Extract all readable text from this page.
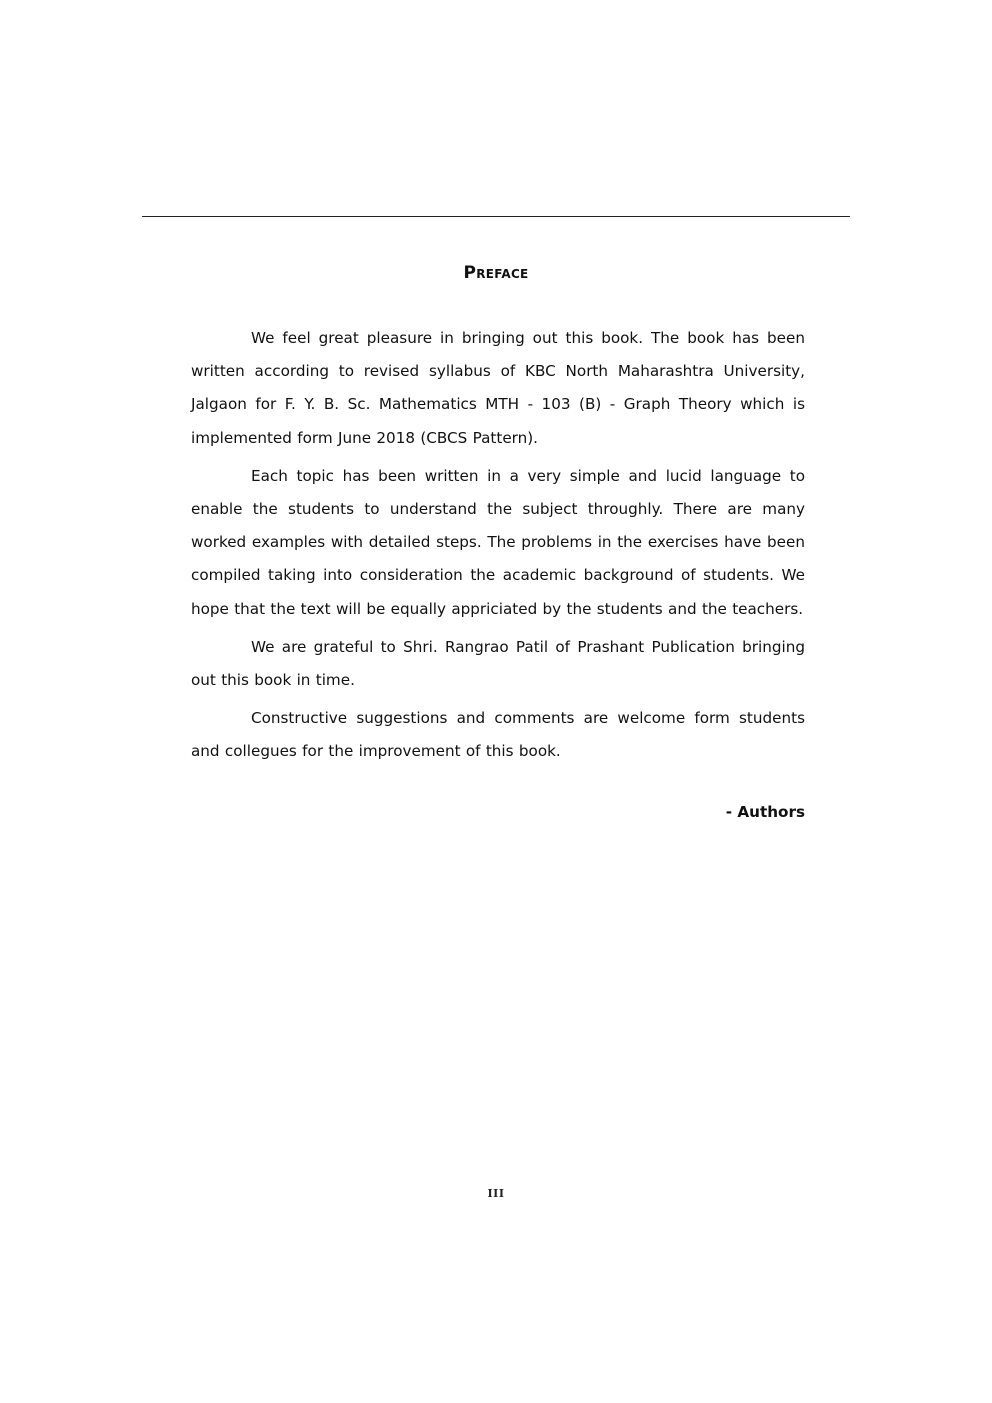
Preface

We feel great pleasure in bringing out this book. The book has been written according to revised syllabus of KBC North Maharashtra University, Jalgaon for F. Y. B. Sc. Mathematics MTH - 103 (B) - Graph Theory which is implemented form June 2018 (CBCS Pattern).

Each topic has been written in a very simple and lucid language to enable the students to understand the subject throughly. There are many worked examples with detailed steps. The problems in the exercises have been compiled taking into consideration the academic background of students. We hope that the text will be equally appriciated by the students and the teachers.

We are grateful to Shri. Rangrao Patil of Prashant Publication bringing out this book in time.

Constructive suggestions and comments are welcome form students and collegues for the improvement of this book.

- Authors
III
